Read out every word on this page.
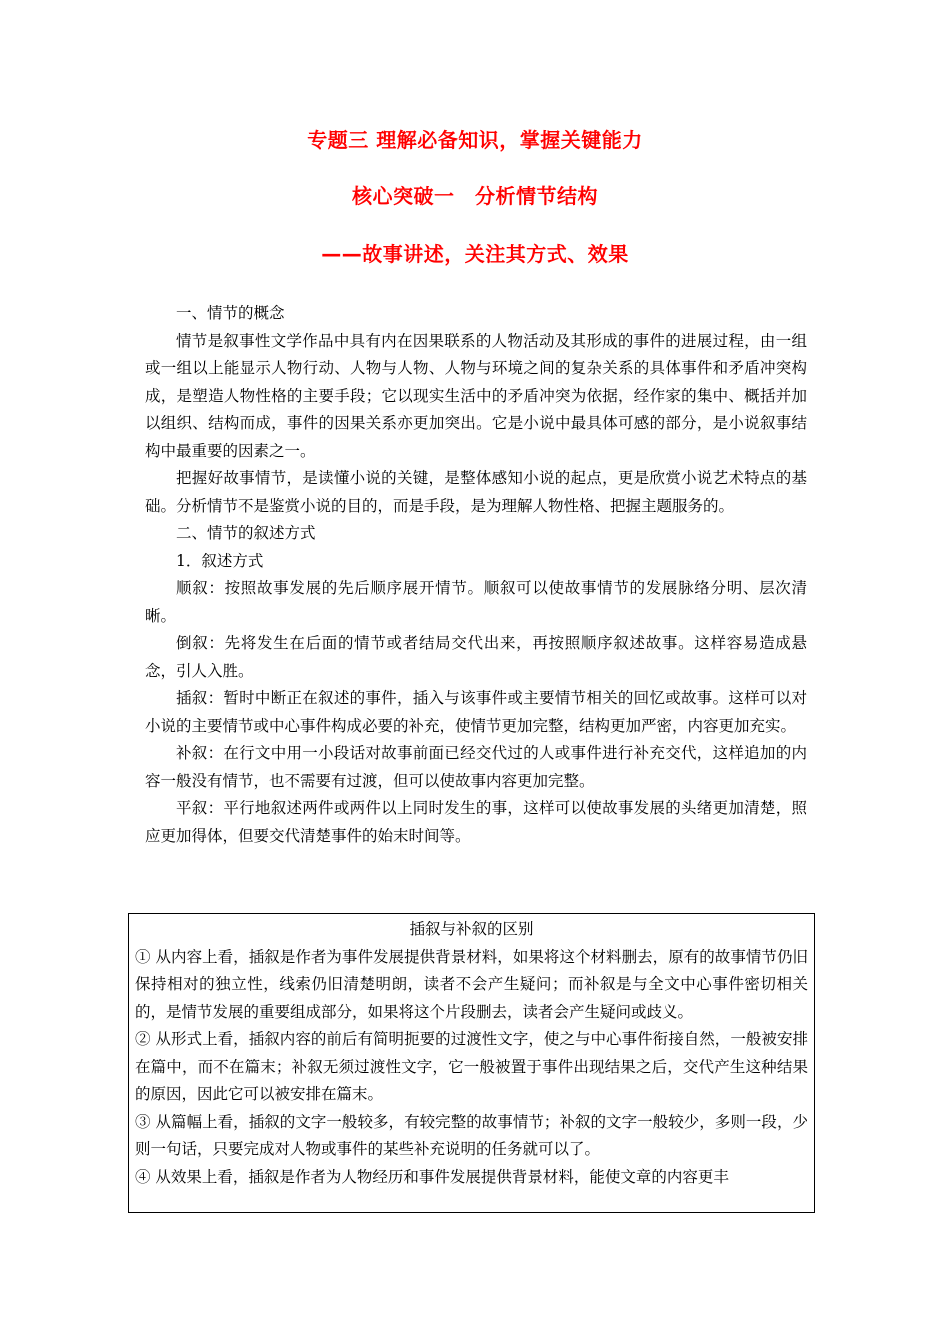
专题三 理解必备知识，掌握关键能力
核心突破一　分析情节结构
——故事讲述，关注其方式、效果

一、情节的概念

情节是叙事性文学作品中具有内在因果联系的人物活动及其形成的事件的进展过程，由一组或一组以上能显示人物行动、人物与人物、人物与环境之间的复杂关系的具体事件和矛盾冲突构成，是塑造人物性格的主要手段；它以现实生活中的矛盾冲突为依据，经作家的集中、概括并加以组织、结构而成，事件的因果关系亦更加突出。它是小说中最具体可感的部分，是小说叙事结构中最重要的因素之一。

把握好故事情节，是读懂小说的关键，是整体感知小说的起点，更是欣赏小说艺术特点的基础。分析情节不是鉴赏小说的目的，而是手段，是为理解人物性格、把握主题服务的。

二、情节的叙述方式

1．叙述方式

顺叙：按照故事发展的先后顺序展开情节。顺叙可以使故事情节的发展脉络分明、层次清晰。

倒叙：先将发生在后面的情节或者结局交代出来，再按照顺序叙述故事。这样容易造成悬念，引人入胜。

插叙：暂时中断正在叙述的事件，插入与该事件或主要情节相关的回忆或故事。这样可以对小说的主要情节或中心事件构成必要的补充，使情节更加完整，结构更加严密，内容更加充实。

补叙：在行文中用一小段话对故事前面已经交代过的人或事件进行补充交代，这样追加的内容一般没有情节，也不需要有过渡，但可以使故事内容更加完整。

平叙：平行地叙述两件或两件以上同时发生的事，这样可以使故事发展的头绪更加清楚，照应更加得体，但要交代清楚事件的始末时间等。

插叙与补叙的区别

① 从内容上看，插叙是作者为事件发展提供背景材料，如果将这个材料删去，原有的故事情节仍旧保持相对的独立性，线索仍旧清楚明朗，读者不会产生疑问；而补叙是与全文中心事件密切相关的，是情节发展的重要组成部分，如果将这个片段删去，读者会产生疑问或歧义。

② 从形式上看，插叙内容的前后有简明扼要的过渡性文字，使之与中心事件衔接自然，一般被安排在篇中，而不在篇末；补叙无须过渡性文字，它一般被置于事件出现结果之后，交代产生这种结果的原因，因此它可以被安排在篇末。

③ 从篇幅上看，插叙的文字一般较多，有较完整的故事情节；补叙的文字一般较少，多则一段，少则一句话，只要完成对人物或事件的某些补充说明的任务就可以了。

④ 从效果上看，插叙是作者为人物经历和事件发展提供背景材料，能使文章的内容更丰
